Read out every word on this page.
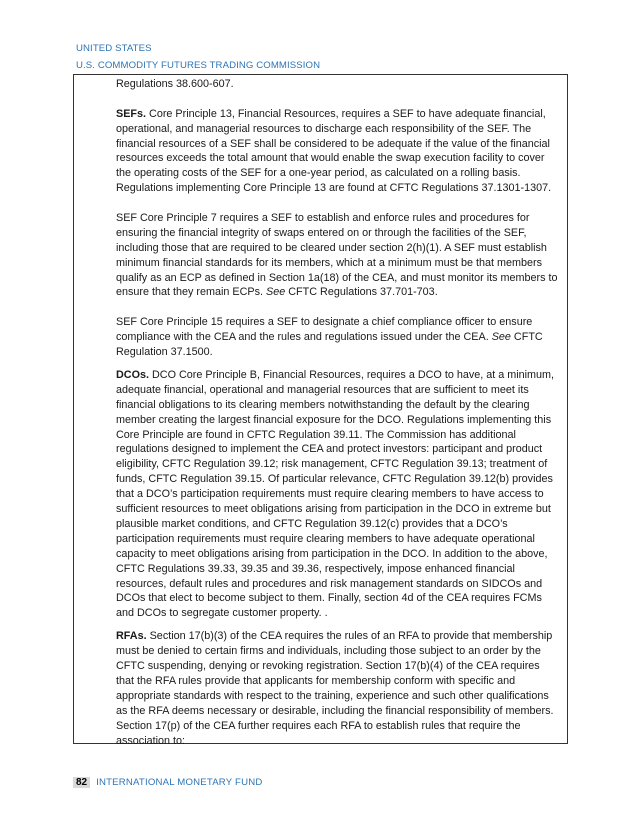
UNITED STATES
U.S. COMMODITY FUTURES TRADING COMMISSION

Regulations 38.600-607.

SEFs. Core Principle 13, Financial Resources, requires a SEF to have adequate financial, operational, and managerial resources to discharge each responsibility of the SEF. The financial resources of a SEF shall be considered to be adequate if the value of the financial resources exceeds the total amount that would enable the swap execution facility to cover the operating costs of the SEF for a one-year period, as calculated on a rolling basis. Regulations implementing Core Principle 13 are found at CFTC Regulations 37.1301-1307.

SEF Core Principle 7 requires a SEF to establish and enforce rules and procedures for ensuring the financial integrity of swaps entered on or through the facilities of the SEF, including those that are required to be cleared under section 2(h)(1). A SEF must establish minimum financial standards for its members, which at a minimum must be that members qualify as an ECP as defined in Section 1a(18) of the CEA, and must monitor its members to ensure that they remain ECPs. See CFTC Regulations 37.701-703.

SEF Core Principle 15 requires a SEF to designate a chief compliance officer to ensure compliance with the CEA and the rules and regulations issued under the CEA. See CFTC Regulation 37.1500.

DCOs. DCO Core Principle B, Financial Resources, requires a DCO to have, at a minimum, adequate financial, operational and managerial resources that are sufficient to meet its financial obligations to its clearing members notwithstanding the default by the clearing member creating the largest financial exposure for the DCO. Regulations implementing this Core Principle are found in CFTC Regulation 39.11. The Commission has additional regulations designed to implement the CEA and protect investors: participant and product eligibility, CFTC Regulation 39.12; risk management, CFTC Regulation 39.13; treatment of funds, CFTC Regulation 39.15. Of particular relevance, CFTC Regulation 39.12(b) provides that a DCO’s participation requirements must require clearing members to have access to sufficient resources to meet obligations arising from participation in the DCO in extreme but plausible market conditions, and CFTC Regulation 39.12(c) provides that a DCO’s participation requirements must require clearing members to have adequate operational capacity to meet obligations arising from participation in the DCO. In addition to the above, CFTC Regulations 39.33, 39.35 and 39.36, respectively, impose enhanced financial resources, default rules and procedures and risk management standards on SIDCOs and DCOs that elect to become subject to them. Finally, section 4d of the CEA requires FCMs and DCOs to segregate customer property. .

RFAs. Section 17(b)(3) of the CEA requires the rules of an RFA to provide that membership must be denied to certain firms and individuals, including those subject to an order by the CFTC suspending, denying or revoking registration. Section 17(b)(4) of the CEA requires that the RFA rules provide that applicants for membership conform with specific and appropriate standards with respect to the training, experience and such other qualifications as the RFA deems necessary or desirable, including the financial responsibility of members. Section 17(p) of the CEA further requires each RFA to establish rules that require the association to:

82 INTERNATIONAL MONETARY FUND
